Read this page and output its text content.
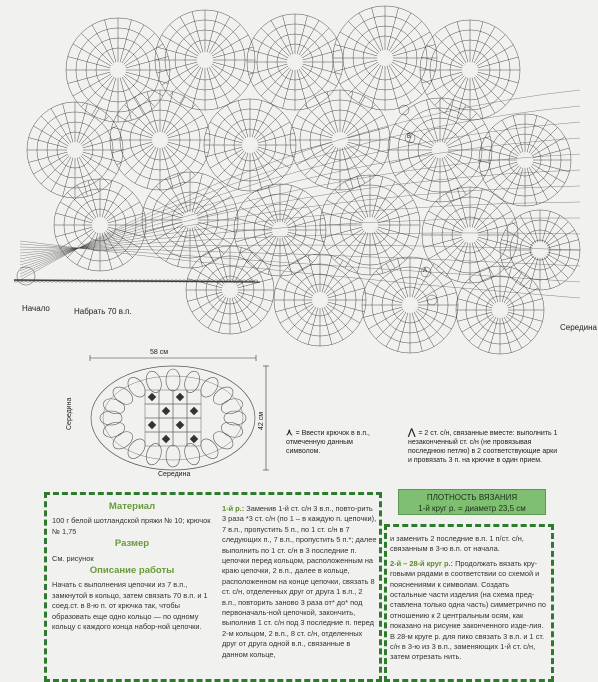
Начало	Набрать 70 в.п.
Середина
B
A
58 см
42 см
Середина
Середина
⋏ = Ввести крючок в в.п., отмеченную данным символом.
⋀ = 2 ст. с/н, связанные вместе: выполнить 1 незаконченный ст. с/н (не провязывая последнюю петлю) в 2 соответствующие арки и провязать 3 п. на крючке в один прием.
ПЛОТНОСТЬ ВЯЗАНИЯ
1-й круг р. = диаметр 23,5 см
Материал

100 г белой шотландской пряжи № 10; крючок № 1,75

Размер

См. рисунок

Описание работы

Начать с выполнения цепочки из 7 в.п., замкнутой в кольцо, затем связать 70 в.п. и 1 соед.ст. в 8-ю п. от крючка так, чтобы образовать еще одно кольцо — по одному кольцу с каждого конца набор-ной цепочки.

1-й р.: Заменив 1-й ст. с/н 3 в.п., повто-рить 3 раза *3 ст. с/н (по 1 – в каждую п. цепочки), 7 в.п., пропустить 5 п., по 1 ст. с/н в 7 следующих п., 7 в.п., пропустить 5 п.*; далее выполнить по 1 ст. с/н в 3 последние п. цепочки перед кольцом, расположенным на краю цепочки, 2 в.п., далее в кольце, расположенном на конце цепочки, связать 8 ст. с/н, отделенных друг от друга 1 в.п., 2 в.п., повторить заново 3 раза от* до* под первоначаль-ной цепочкой, закончить, выполнив 1 ст. с/н под 3 последние п. перед 2-м кольцом, 2 в.п., 8 ст. с/н, отделенных друг от друга одной в.п., связанные в данном кольце,

и заменить 2 последние в.п. 1 п/ст. с/н, связанным в 3-ю в.п. от начала.

2-й – 28-й круг р.: Продолжать вязать кру-говыми рядами в соответствии со схемой и пояснениями к символам. Создать остальные части изделия (на схема пред-ставлена только одна часть) симметрично по отношению к 2 центральным осям, как показано на рисунке законченного изде-лия. В 28-м круге р. для пико связать 3 в.п. и 1 ст. с/н в 3-ю из 3 в.п., заменяющих 1-й ст. с/н, затем отрезать нить.
